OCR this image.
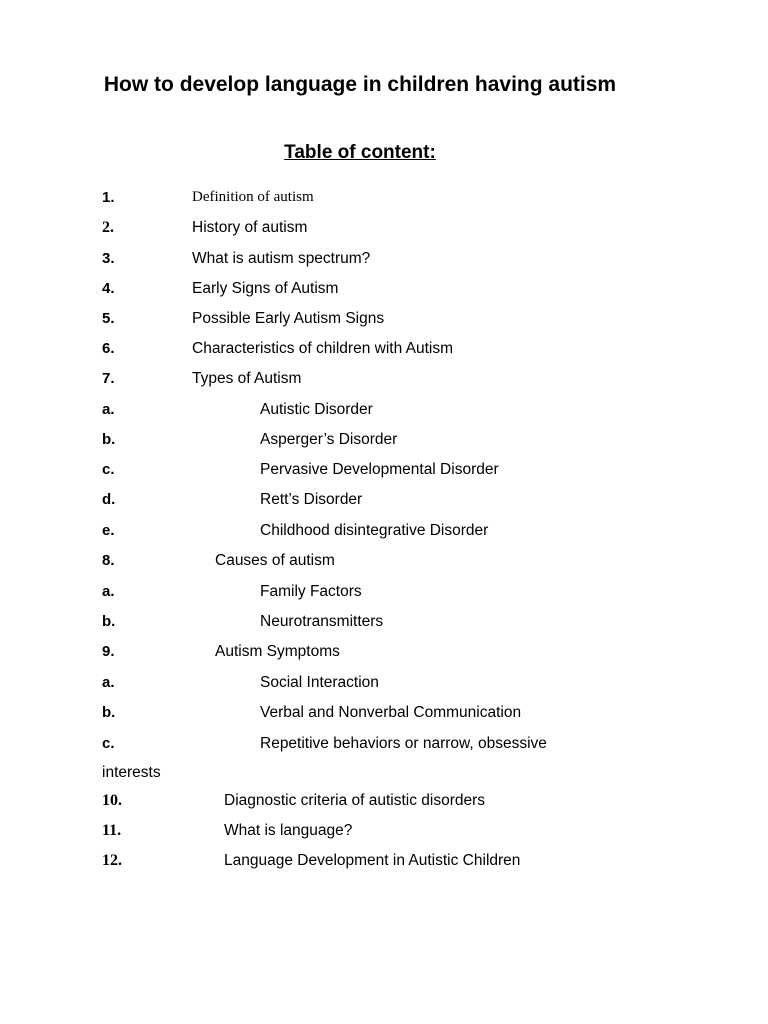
How to develop language in children having autism
Table of content:
1.	Definition of autism
2.	History of autism
3.	What is autism spectrum?
4.	Early Signs of Autism
5.	Possible Early Autism Signs
6.	Characteristics of children with Autism
7.	Types of Autism
a.	Autistic Disorder
b.	Asperger’s Disorder
c.	Pervasive Developmental Disorder
d.	Rett’s Disorder
e.	Childhood disintegrative Disorder
8.	Causes of autism
a.	Family Factors
b.	Neurotransmitters
9.	Autism Symptoms
a.	Social Interaction
b.	Verbal and Nonverbal Communication
c.	Repetitive behaviors or narrow, obsessive
interests
10.	Diagnostic criteria of autistic disorders
11.	What is language?
12.	Language Development in Autistic Children
